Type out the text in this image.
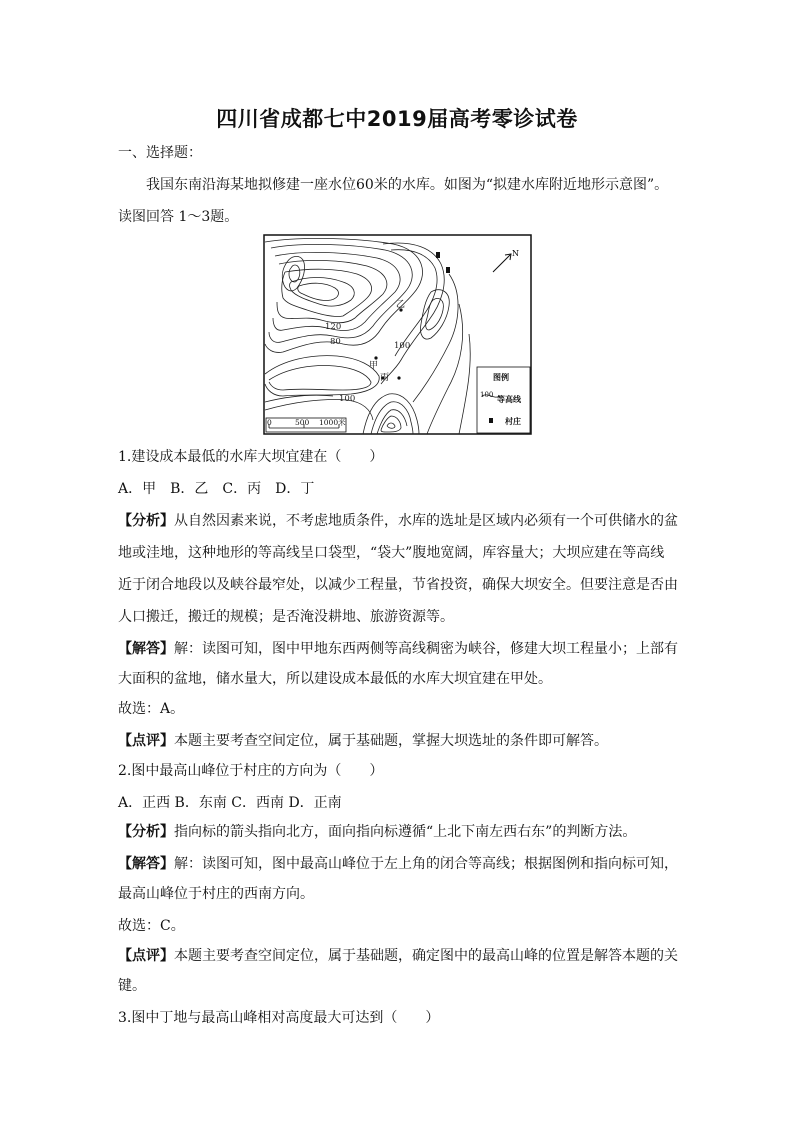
四川省成都七中2019届高考零诊试卷
一、选择题：
我国东南沿海某地拟修建一座水位60米的水库。如图为“拟建水库附近地形示意图”。
读图回答 1～3题。
120
80	100
100
甲
乙
丙
N
0	500 1000米
图例
100 等高线
村庄
1.建设成本最低的水库大坝宜建在（　　）
A．甲　B．乙　C．丙　D．丁
【分析】从自然因素来说，不考虑地质条件，水库的选址是区域内必须有一个可供储水的盆
地或洼地，这种地形的等高线呈口袋型，“袋大”腹地宽阔，库容量大；大坝应建在等高线
近于闭合地段以及峡谷最窄处，以减少工程量，节省投资，确保大坝安全。但要注意是否由
人口搬迁，搬迁的规模；是否淹没耕地、旅游资源等。
【解答】解：读图可知，图中甲地东西两侧等高线稠密为峡谷，修建大坝工程量小；上部有
大面积的盆地，储水量大，所以建设成本最低的水库大坝宜建在甲处。
故选：A。
【点评】本题主要考查空间定位，属于基础题，掌握大坝选址的条件即可解答。
2.图中最高山峰位于村庄的方向为（　　）
A．正西 B．东南 C．西南 D．正南
【分析】指向标的箭头指向北方，面向指向标遵循“上北下南左西右东”的判断方法。
【解答】解：读图可知，图中最高山峰位于左上角的闭合等高线；根据图例和指向标可知，
最高山峰位于村庄的西南方向。
故选：C。
【点评】本题主要考查空间定位，属于基础题，确定图中的最高山峰的位置是解答本题的关
键。
3.图中丁地与最高山峰相对高度最大可达到（　　）
